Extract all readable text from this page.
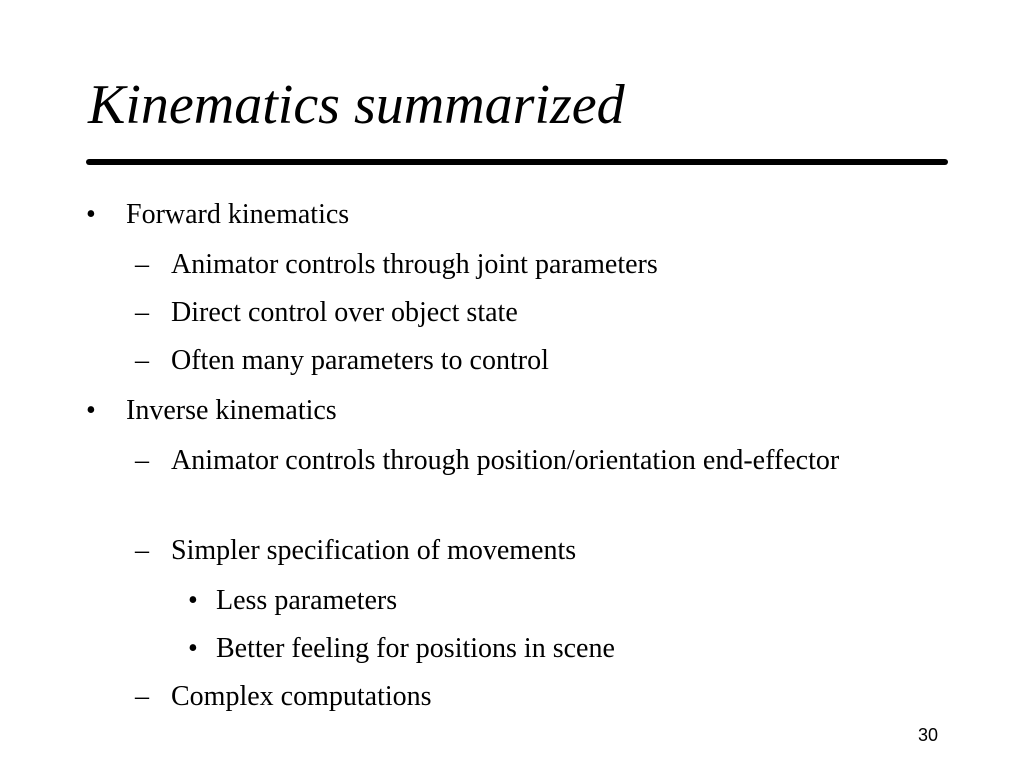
Kinematics summarized
• Forward kinematics
– Animator controls through joint parameters
– Direct control over object state
– Often many parameters to control
• Inverse kinematics
– Animator controls through position/orientation end-effector
– Simpler specification of movements
• Less parameters
• Better feeling for positions in scene
– Complex computations
30
